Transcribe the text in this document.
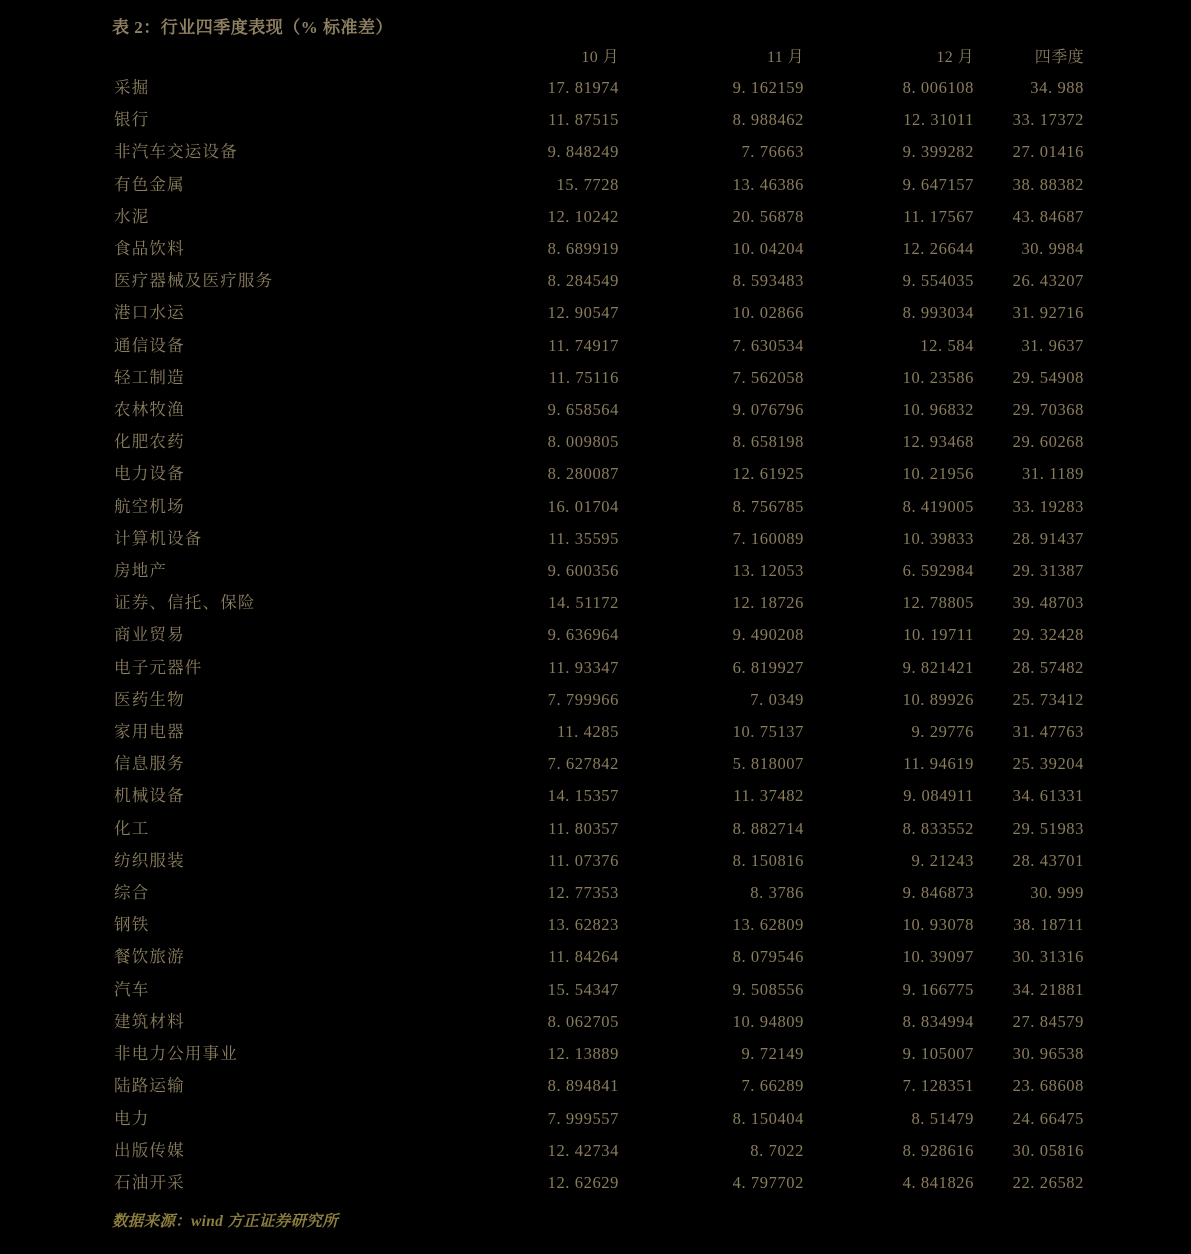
表 2：行业四季度表现（% 标准差）
	10 月	11 月	12 月	四季度
采掘	17. 81974	9. 162159	8. 006108	34. 988
银行	11. 87515	8. 988462	12. 31011	33. 17372
非汽车交运设备	9. 848249	7. 76663	9. 399282	27. 01416
有色金属	15. 7728	13. 46386	9. 647157	38. 88382
水泥	12. 10242	20. 56878	11. 17567	43. 84687
食品饮料	8. 689919	10. 04204	12. 26644	30. 9984
医疗器械及医疗服务	8. 284549	8. 593483	9. 554035	26. 43207
港口水运	12. 90547	10. 02866	8. 993034	31. 92716
通信设备	11. 74917	7. 630534	12. 584	31. 9637
轻工制造	11. 75116	7. 562058	10. 23586	29. 54908
农林牧渔	9. 658564	9. 076796	10. 96832	29. 70368
化肥农药	8. 009805	8. 658198	12. 93468	29. 60268
电力设备	8. 280087	12. 61925	10. 21956	31. 1189
航空机场	16. 01704	8. 756785	8. 419005	33. 19283
计算机设备	11. 35595	7. 160089	10. 39833	28. 91437
房地产	9. 600356	13. 12053	6. 592984	29. 31387
证券、信托、保险	14. 51172	12. 18726	12. 78805	39. 48703
商业贸易	9. 636964	9. 490208	10. 19711	29. 32428
电子元器件	11. 93347	6. 819927	9. 821421	28. 57482
医药生物	7. 799966	7. 0349	10. 89926	25. 73412
家用电器	11. 4285	10. 75137	9. 29776	31. 47763
信息服务	7. 627842	5. 818007	11. 94619	25. 39204
机械设备	14. 15357	11. 37482	9. 084911	34. 61331
化工	11. 80357	8. 882714	8. 833552	29. 51983
纺织服装	11. 07376	8. 150816	9. 21243	28. 43701
综合	12. 77353	8. 3786	9. 846873	30. 999
钢铁	13. 62823	13. 62809	10. 93078	38. 18711
餐饮旅游	11. 84264	8. 079546	10. 39097	30. 31316
汽车	15. 54347	9. 508556	9. 166775	34. 21881
建筑材料	8. 062705	10. 94809	8. 834994	27. 84579
非电力公用事业	12. 13889	9. 72149	9. 105007	30. 96538
陆路运输	8. 894841	7. 66289	7. 128351	23. 68608
电力	7. 999557	8. 150404	8. 51479	24. 66475
出版传媒	12. 42734	8. 7022	8. 928616	30. 05816
石油开采	12. 62629	4. 797702	4. 841826	22. 26582
数据来源：wind 方正证券研究所
